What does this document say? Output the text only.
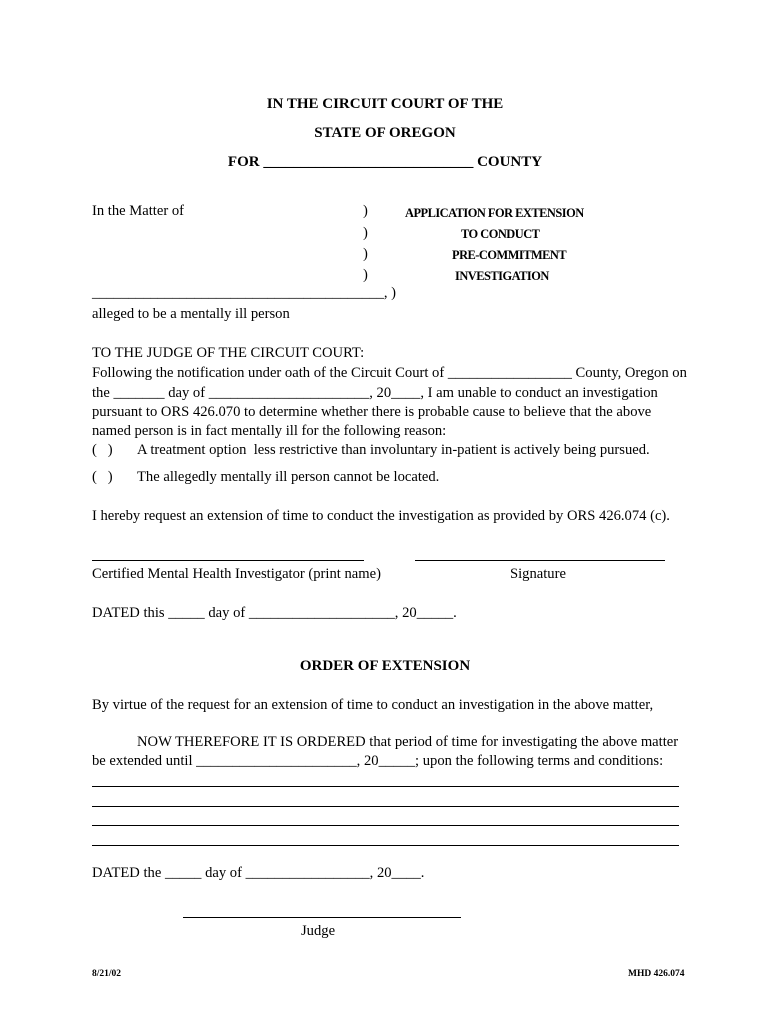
IN THE CIRCUIT COURT OF THE
STATE OF OREGON
FOR ____________________________ COUNTY
In the Matter of	)
)
)
)
________________________________________, )
alleged to be a mentally ill person
APPLICATION FOR EXTENSION
TO CONDUCT
PRE-COMMITMENT
INVESTIGATION
TO THE JUDGE OF THE CIRCUIT COURT:
Following the notification under oath of the Circuit Court of _________________ County, Oregon on
the _______ day of ______________________, 20____, I am unable to conduct an investigation
pursuant to ORS 426.070 to determine whether there is probable cause to believe that the above
named person is in fact mentally ill for the following reason:
(   ) A treatment option  less restrictive than involuntary in-patient is actively being pursued.
(   ) The allegedly mentally ill person cannot be located.
I hereby request an extension of time to conduct the investigation as provided by ORS 426.074 (c).
Certified Mental Health Investigator (print name)	Signature
DATED this _____ day of ____________________, 20_____.
ORDER OF EXTENSION
By virtue of the request for an extension of time to conduct an investigation in the above matter,
NOW THEREFORE IT IS ORDERED that period of time for investigating the above matter
be extended until ______________________, 20_____; upon the following terms and conditions:
DATED the _____ day of _________________, 20____.
Judge
8/21/02	MHD 426.074
